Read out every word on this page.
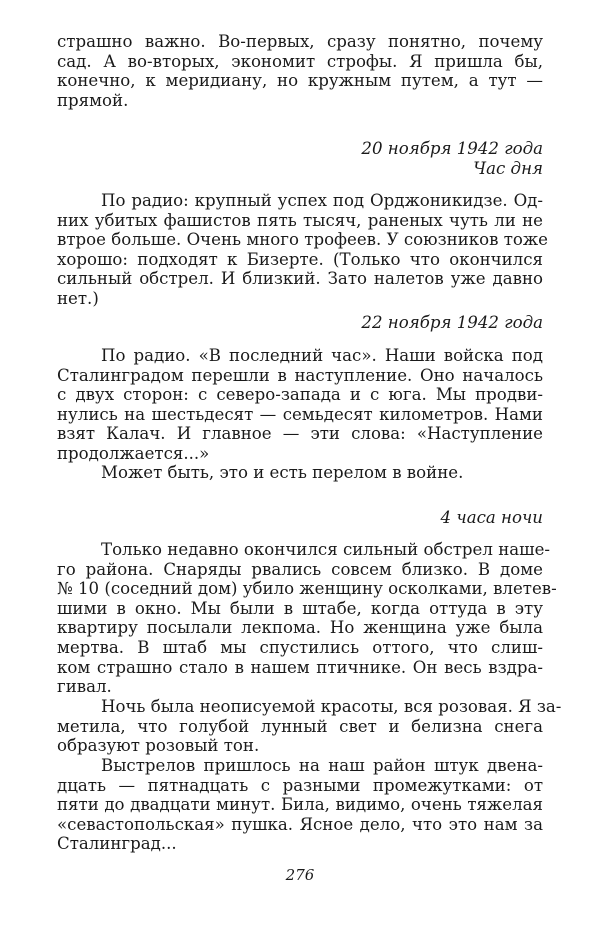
страшно важно. Во-первых, сразу понятно, почему
сад. А во-вторых, экономит строфы. Я пришла бы,
конечно, к меридиану, но кружным путем, а тут —
прямой.
20 ноября 1942 года
Час дня
По радио: крупный успех под Орджоникидзе. Од-
них убитых фашистов пять тысяч, раненых чуть ли не
втрое больше. Очень много трофеев. У союзников тоже
хорошо: подходят к Бизерте. (Только что окончился
сильный обстрел. И близкий. Зато налетов уже давно
нет.)
22 ноября 1942 года
По радио. «В последний час». Наши войска под
Сталинградом перешли в наступление. Оно началось
с двух сторон: с северо-запада и с юга. Мы продви-
нулись на шестьдесят — семьдесят километров. Нами
взят Калач. И главное — эти слова: «Наступление
продолжается...»
Может быть, это и есть перелом в войне.
4 часа ночи
Только недавно окончился сильный обстрел наше-
го района. Снаряды рвались совсем близко. В доме
№ 10 (соседний дом) убило женщину осколками, влетев-
шими в окно. Мы были в штабе, когда оттуда в эту
квартиру посылали лекпома. Но женщина уже была
мертва. В штаб мы спустились оттого, что слиш-
ком страшно стало в нашем птичнике. Он весь вздра-
гивал.
Ночь была неописуемой красоты, вся розовая. Я за-
метила, что голубой лунный свет и белизна снега
образуют розовый тон.
Выстрелов пришлось на наш район штук двена-
дцать — пятнадцать с разными промежутками: от
пяти до двадцати минут. Била, видимо, очень тяжелая
«севастопольская» пушка. Ясное дело, что это нам за
Сталинград...
276
